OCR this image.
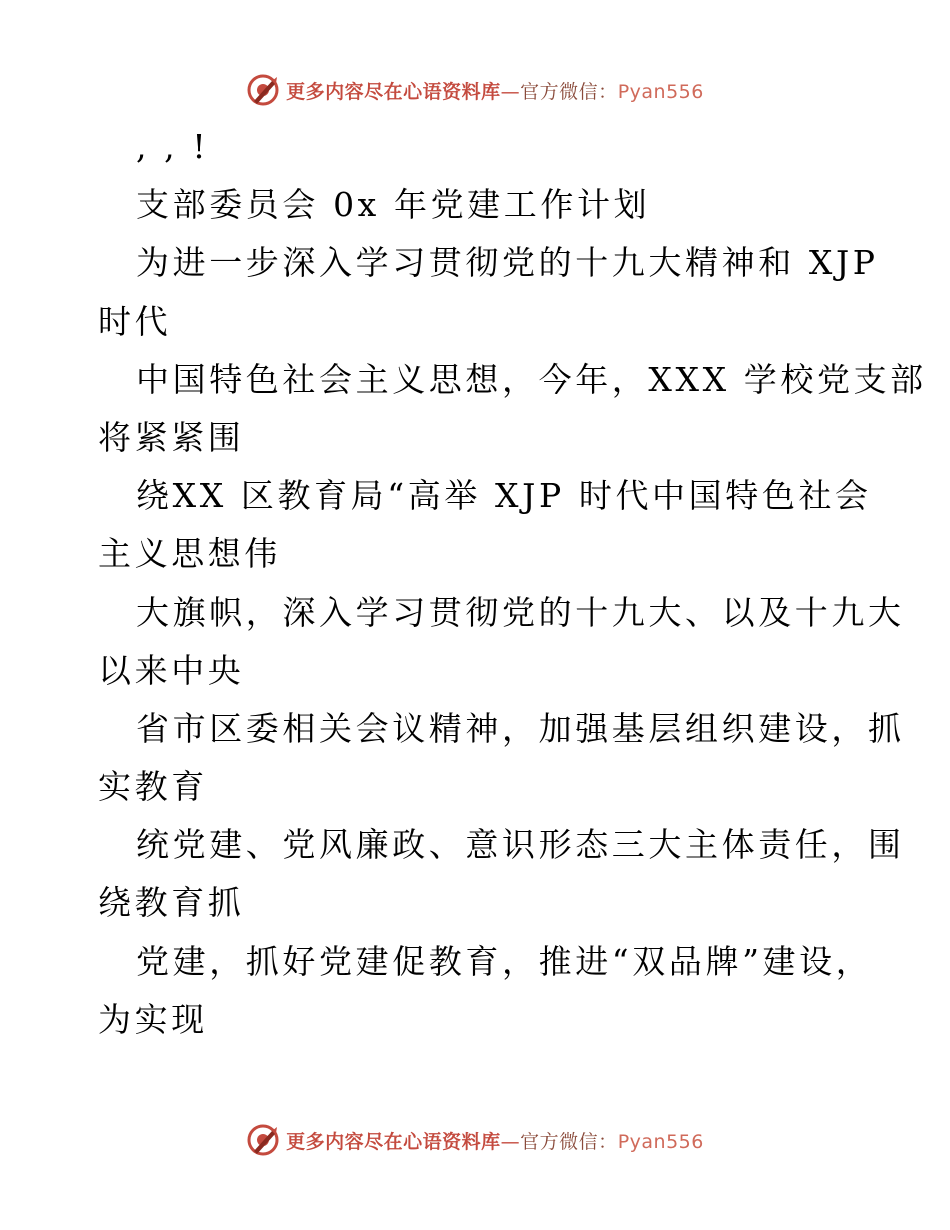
更多内容尽在心语资料库 — 官方微信： Pyan556
, , !
支部委员会 0x 年党建工作计划
为进一步深入学习贯彻党的十九大精神和 XJP
时代
中国特色社会主义思想，今年，XXX 学校党支部
将紧紧围
绕XX 区教育局“高举 XJP 时代中国特色社会
主义思想伟
大旗帜，深入学习贯彻党的十九大、以及十九大
以来中央
省市区委相关会议精神，加强基层组织建设，抓
实教育
统党建、党风廉政、意识形态三大主体责任，围
绕教育抓
党建，抓好党建促教育，推进“双品牌”建设，
为实现
更多内容尽在心语资料库 — 官方微信： Pyan556
